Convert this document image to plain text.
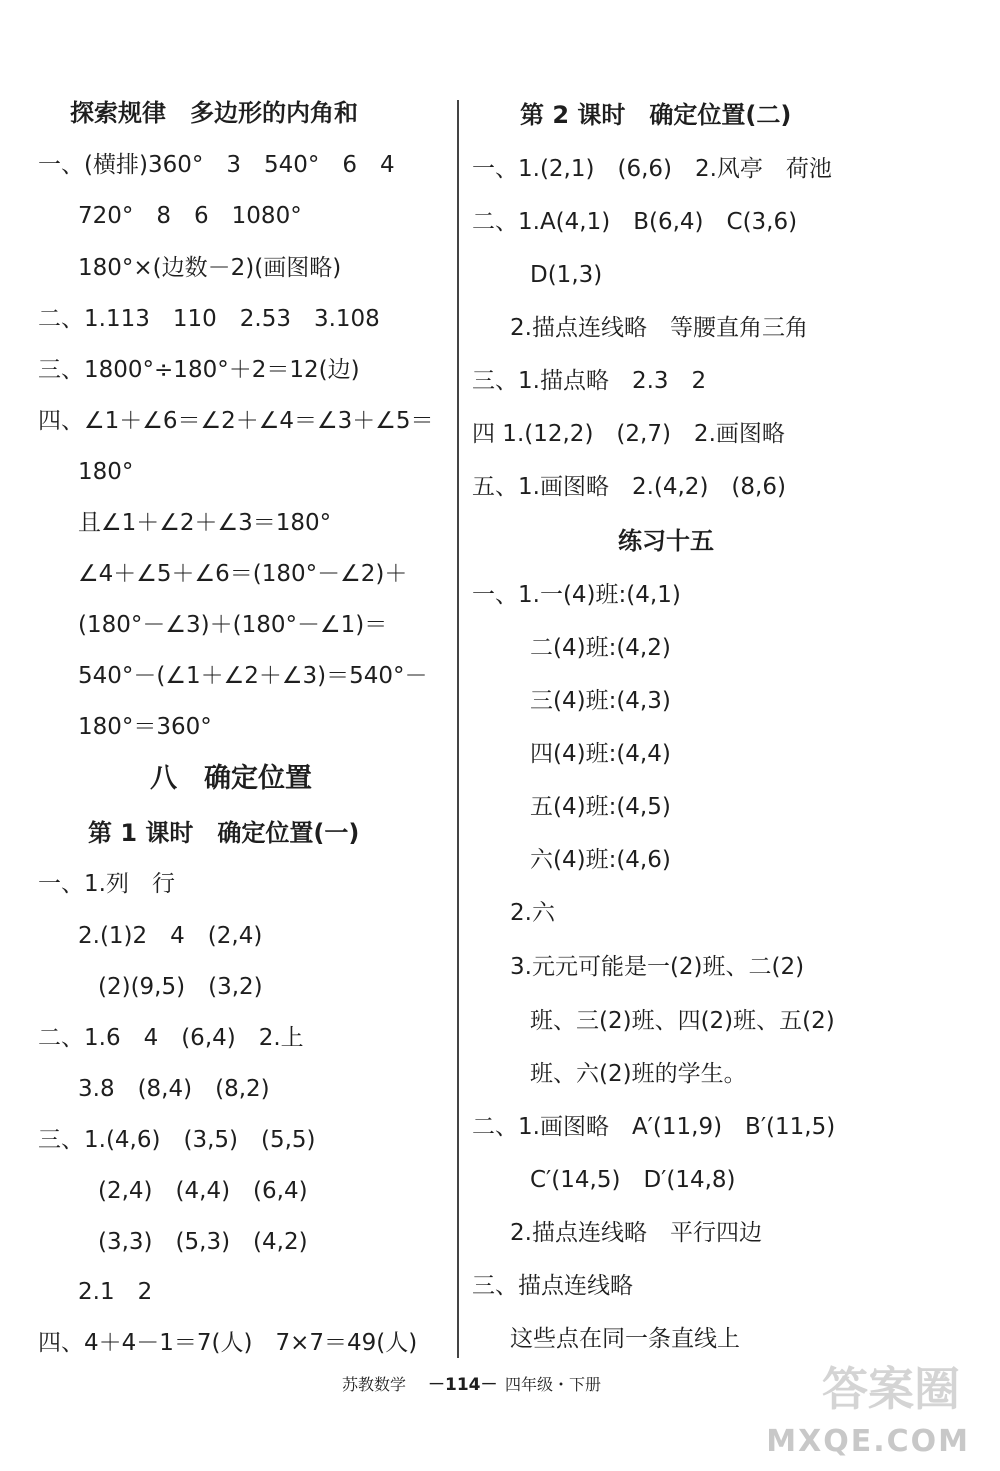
探索规律　多边形的内角和
一、(横排)360°　3　540°　6　4
720°　8　6　1080°
180°×(边数－2)(画图略)
二、1.113　110　2.53　3.108
三、1800°÷180°＋2＝12(边)
四、∠1＋∠6＝∠2＋∠4＝∠3＋∠5＝
180°
且∠1＋∠2＋∠3＝180°
∠4＋∠5＋∠6＝(180°－∠2)＋
(180°－∠3)＋(180°－∠1)＝
540°－(∠1＋∠2＋∠3)＝540°－
180°＝360°
八　确定位置
第 1 课时　确定位置(一)
一、1.列　行
2.(1)2　4　(2,4)
(2)(9,5)　(3,2)
二、1.6　4　(6,4)　2.上
3.8　(8,4)　(8,2)
三、1.(4,6)　(3,5)　(5,5)
(2,4)　(4,4)　(6,4)
(3,3)　(5,3)　(4,2)
2.1　2
四、4＋4－1＝7(人)　7×7＝49(人)
第 2 课时　确定位置(二)
一、1.(2,1)　(6,6)　2.风亭　荷池
二、1.A(4,1)　B(6,4)　C(3,6)
D(1,3)
2.描点连线略　等腰直角三角
三、1.描点略　2.3　2
四 1.(12,2)　(2,7)　2.画图略
五、1.画图略　2.(4,2)　(8,6)
练习十五
一、1.一(4)班:(4,1)
二(4)班:(4,2)
三(4)班:(4,3)
四(4)班:(4,4)
五(4)班:(4,5)
六(4)班:(4,6)
2.六
3.元元可能是一(2)班、二(2)
班、三(2)班、四(2)班、五(2)
班、六(2)班的学生。
二、1.画图略　A′(11,9)　B′(11,5)
C′(14,5)　D′(14,8)
2.描点连线略　平行四边
三、描点连线略
这些点在同一条直线上
苏教数学 －114－ 四年级・下册	答案圈
MXQE.COM
